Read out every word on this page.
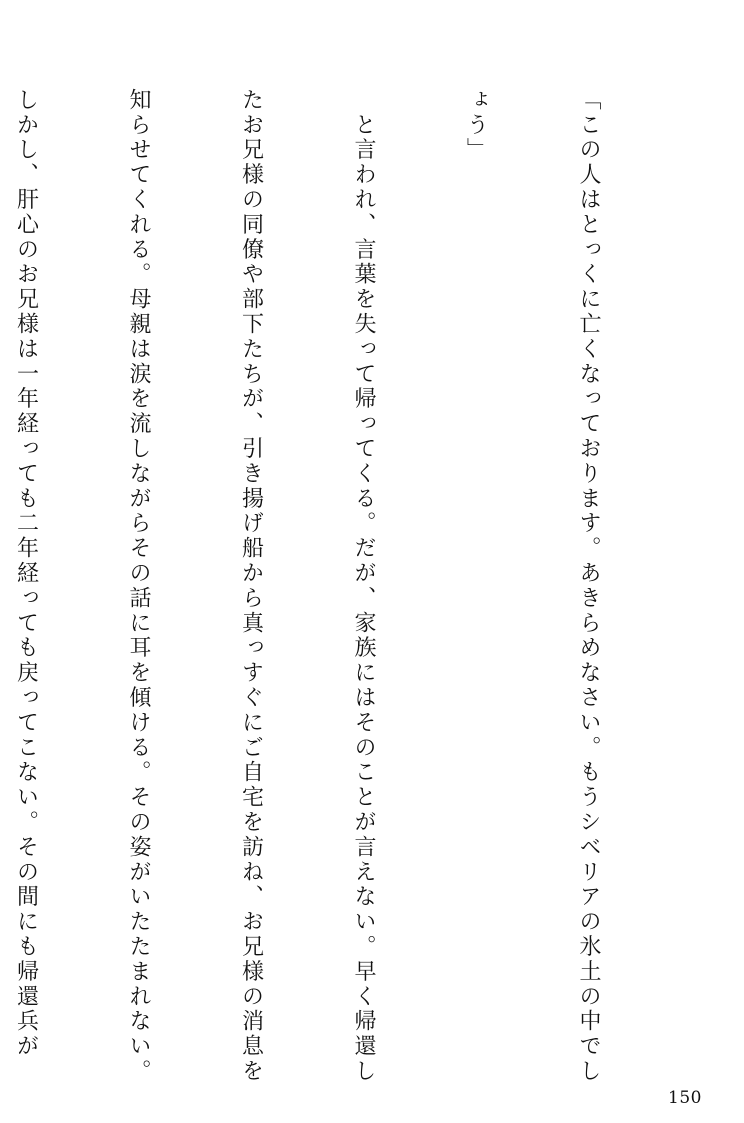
「この人はとっくに亡くなっております。あきらめなさい。もうシベリアの氷土の中でし

ょう」

　と言われ、言葉を失って帰ってくる。だが、家族にはそのことが言えない。早く帰還し

たお兄様の同僚や部下たちが、引き揚げ船から真っすぐにご自宅を訪ね、お兄様の消息を

知らせてくれる。母親は涙を流しながらその話に耳を傾ける。その姿がいたたまれない。

しかし、肝心のお兄様は一年経っても二年経っても戻ってこない。その間にも帰還兵が

150
